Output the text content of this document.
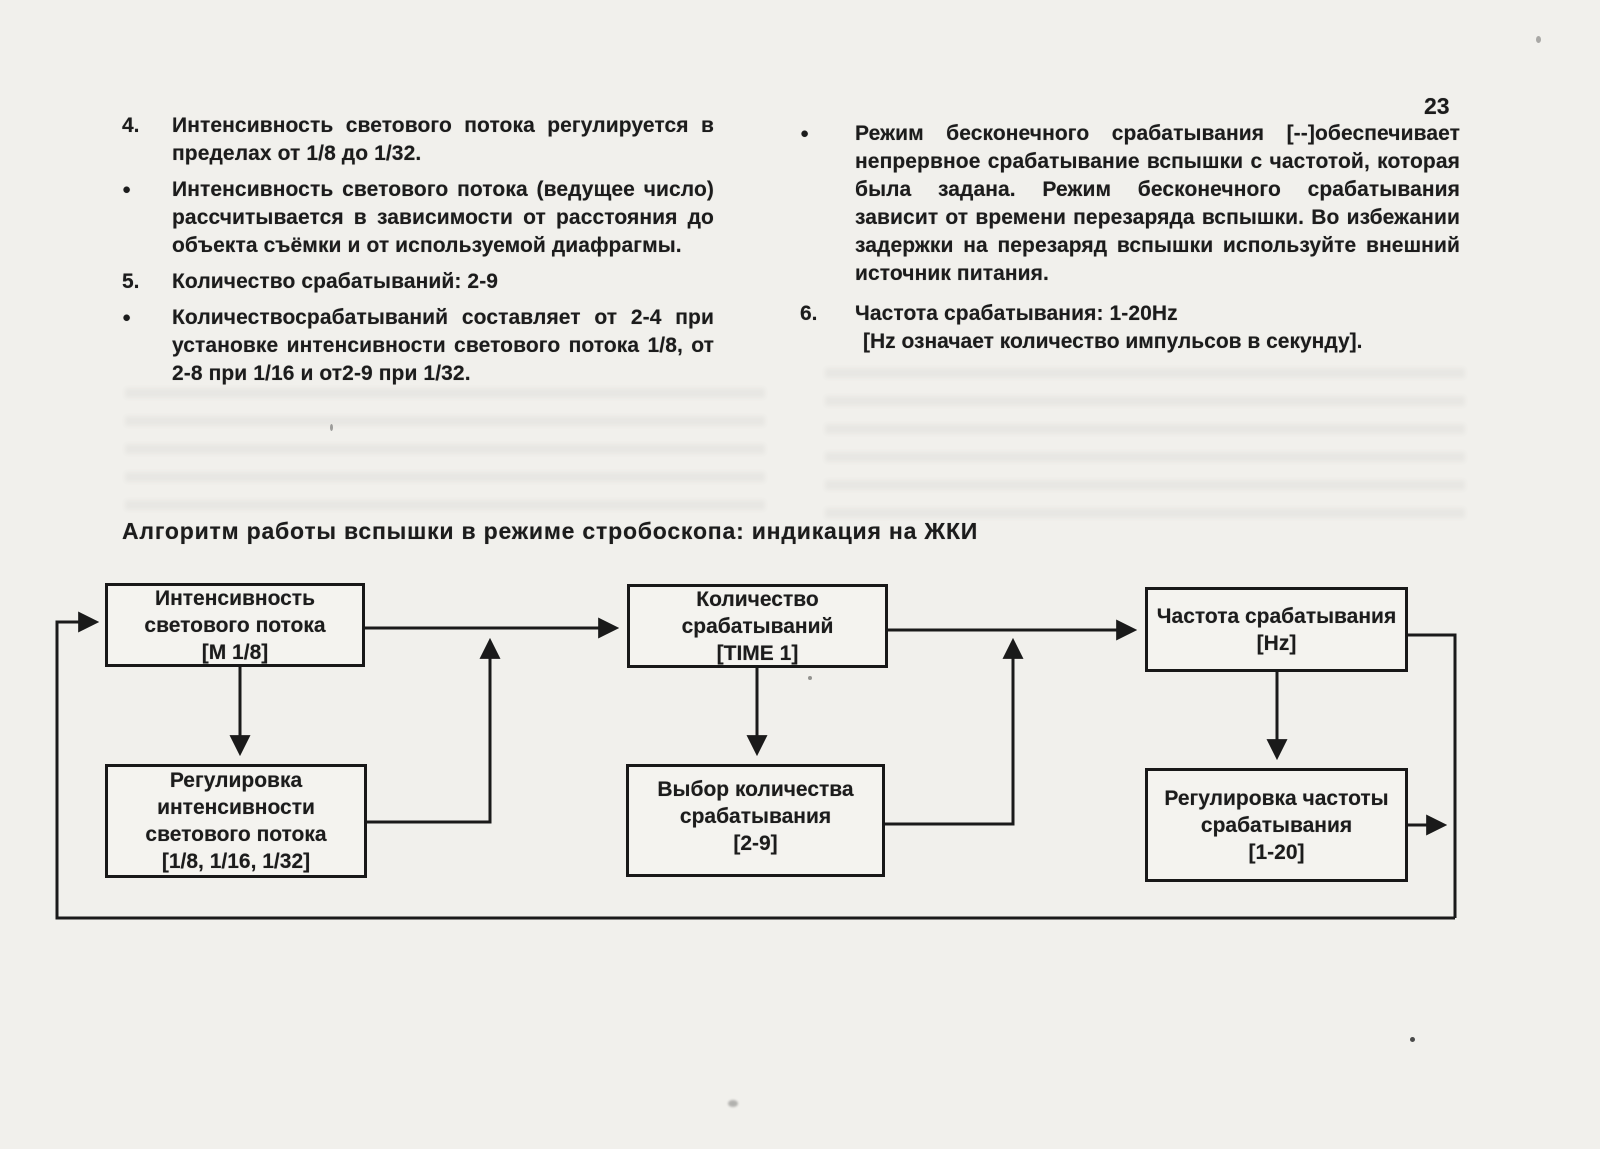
23
4.	Интенсивность светового потока регулируется в пределах от 1/8 до 1/32.

●	Интенсивность светового потока (ведущее число) рассчитывается в зависимости от расстояния до объекта съёмки и от используемой диафрагмы.

5.	Количество срабатываний: 2-9

●	Количествосрабатываний составляет от 2-4 при установке интенсивности светового потока 1/8, от 2-8 при 1/16 и от2-9 при 1/32.

●	Режим бесконечного срабатывания [--]обеспечивает непрервное срабатывание вспышки с частотой, которая была задана. Режим бесконечного срабатывания зависит от времени перезаряда вспышки. Во избежании задержки на перезаряд вспышки используйте внешний источник питания.

6.	Частота срабатывания: 1-20Hz

[Hz означает количество импульсов в секунду].

Алгоритм работы вспышки в режиме стробоскопа: индикация на ЖКИ
Интенсивность
светового потока
[M 1/8]
Регулировка
интенсивности
светового потока
[1/8, 1/16, 1/32]
Количество
срабатываний
[TIME 1]
Выбор количества
срабатывания
[2-9]
Частота срабатывания
[Hz]
Регулировка частоты
срабатывания
[1-20]
